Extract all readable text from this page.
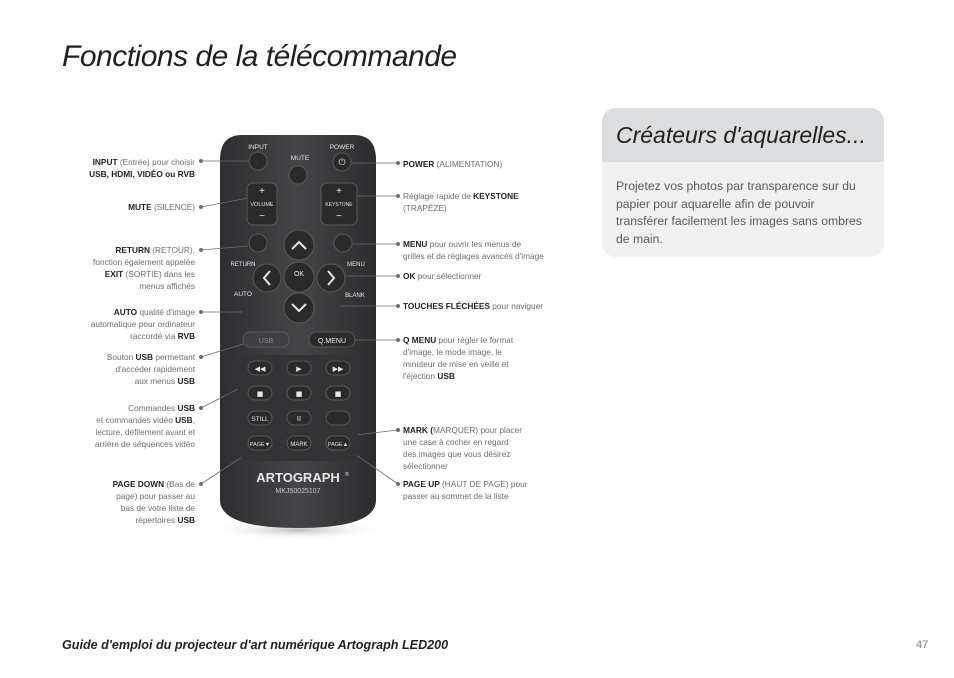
Fonctions de la télécommande
INPUT
MUTE
POWER
⏻
+
VOLUME
−
+
KEYSTONE
−
RETURN	MENU
OK
AUTO	BLANK
USB	Q.MENU
◀◀	▶	▶▶
■	■	■
II
STILL
MARK
PAGE▼	PAGE▲
ARTOGRAPH ®
MKJ50025107
INPUT (Entrée) pour choisir
USB, HDMI, VIDÉO ou RVB
MUTE (SILENCE)
RETURN (RETOUR),
fonction également appelée
EXIT (SORTIE) dans les
menus affichés
AUTO qualité d'image
automatique pour ordinateur
raccordé via RVB
Bouton USB permettant
d'accéder rapidement
aux menus USB
Commandes USB
et commandes vidéo USB,
lecture, défilement avant et
arrière de séquences vidéo
PAGE DOWN (Bas de
page) pour passer au
bas de votre liste de
répertoires USB
POWER (ALIMENTATION)
Réglage rapide de KEYSTONE
(TRAPÈZE)
MENU pour ouvrir les menus de
grilles et de réglages avancés d'image
OK pour sélectionner
TOUCHES FLÉCHÉES pour naviguer
Q MENU pour régler le format
d'image, le mode image, le
minuteur de mise en veille et
l'éjection USB
MARK (MARQUER) pour placer
une case à cocher en regard
des images que vous désirez
sélectionner
PAGE UP (HAUT DE PAGE) pour
passer au sommet de la liste
Créateurs d'aquarelles...
Projetez vos photos par transparence sur du papier pour aquarelle afin de pouvoir transférer facilement les images sans ombres de main.
Guide d'emploi du projecteur d'art numérique Artograph LED200	47
